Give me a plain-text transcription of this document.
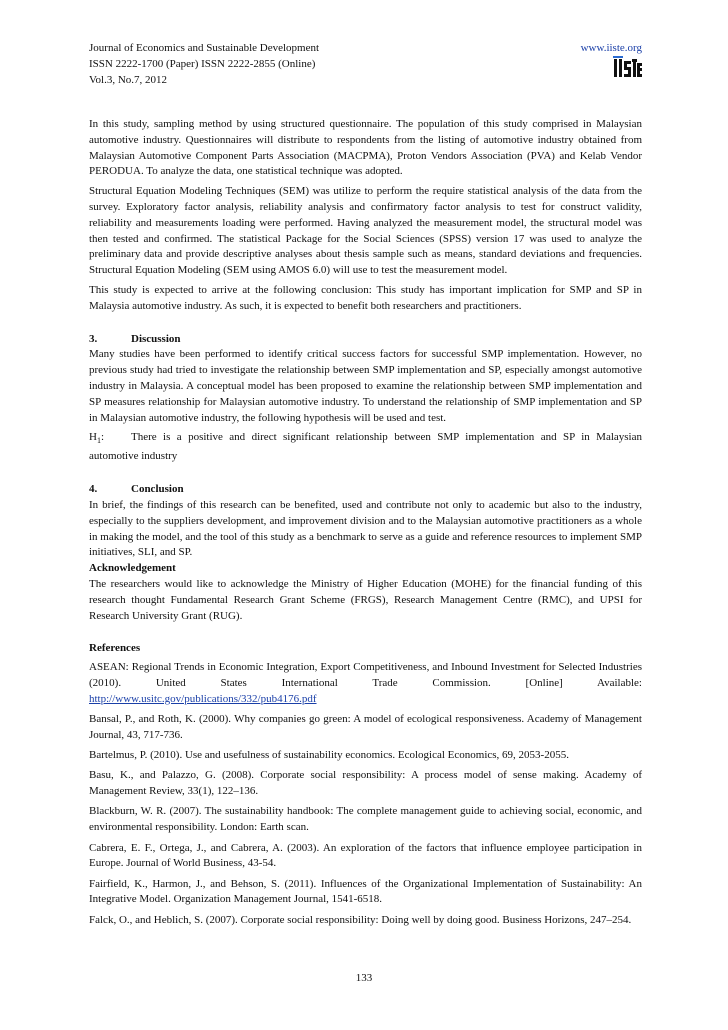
Journal of Economics and Sustainable Development
ISSN 2222-1700 (Paper) ISSN 2222-2855 (Online)
Vol.3, No.7, 2012
www.iiste.org

In this study, sampling method by using structured questionnaire. The population of this study comprised in Malaysian automotive industry. Questionnaires will distribute to respondents from the listing of automotive industry obtained from Malaysian Automotive Component Parts Association (MACPMA), Proton Vendors Association (PVA) and Kelab Vendor PERODUA. To analyze the data, one statistical technique was adopted.

Structural Equation Modeling Techniques (SEM) was utilize to perform the require statistical analysis of the data from the survey. Exploratory factor analysis, reliability analysis and confirmatory factor analysis to test for construct validity, reliability and measurements loading were performed. Having analyzed the measurement model, the structural model was then tested and confirmed. The statistical Package for the Social Sciences (SPSS) version 17 was used to analyze the preliminary data and provide descriptive analyses about thesis sample such as means, standard deviations and frequencies. Structural Equation Modeling (SEM using AMOS 6.0) will use to test the measurement model.

This study is expected to arrive at the following conclusion: This study has important implication for SMP and SP in Malaysia automotive industry. As such, it is expected to benefit both researchers and practitioners.

3.	Discussion

Many studies have been performed to identify critical success factors for successful SMP implementation. However, no previous study had tried to investigate the relationship between SMP implementation and SP, especially amongst automotive industry in Malaysia. A conceptual model has been proposed to examine the relationship between SMP implementation and SP measures relationship for Malaysian automotive industry. To understand the relationship of SMP implementation and SP in Malaysian automotive industry, the following hypothesis will be used and test.

$H_1$: There is a positive and direct significant relationship between SMP implementation and SP in Malaysian automotive industry

4.	Conclusion

In brief, the findings of this research can be benefited, used and contribute not only to academic but also to the industry, especially to the suppliers development, and improvement division and to the Malaysian automotive practitioners as a whole in making the model, and the tool of this study as a benchmark to serve as a guide and reference resources to implement SMP initiatives, SLI, and SP.

Acknowledgement

The researchers would like to acknowledge the Ministry of Higher Education (MOHE) for the financial funding of this research thought Fundamental Research Grant Scheme (FRGS), Research Management Centre (RMC), and UPSI for Research University Grant (RUG).

References

ASEAN: Regional Trends in Economic Integration, Export Competitiveness, and Inbound Investment for Selected Industries (2010). United States International Trade Commission. [Online] Available: http://www.usitc.gov/publications/332/pub4176.pdf

Bansal, P., and Roth, K. (2000). Why companies go green: A model of ecological responsiveness. Academy of Management Journal, 43, 717-736.

Bartelmus, P. (2010). Use and usefulness of sustainability economics. Ecological Economics, 69, 2053-2055.

Basu, K., and Palazzo, G. (2008). Corporate social responsibility: A process model of sense making. Academy of Management Review, 33(1), 122–136.

Blackburn, W. R. (2007). The sustainability handbook: The complete management guide to achieving social, economic, and environmental responsibility. London: Earth scan.

Cabrera, E. F., Ortega, J., and Cabrera, A. (2003). An exploration of the factors that influence employee participation in Europe. Journal of World Business, 43-54.

Fairfield, K., Harmon, J., and Behson, S. (2011). Influences of the Organizational Implementation of Sustainability: An Integrative Model. Organization Management Journal, 1541-6518.

Falck, O., and Heblich, S. (2007). Corporate social responsibility: Doing well by doing good. Business Horizons, 247–254.

133
